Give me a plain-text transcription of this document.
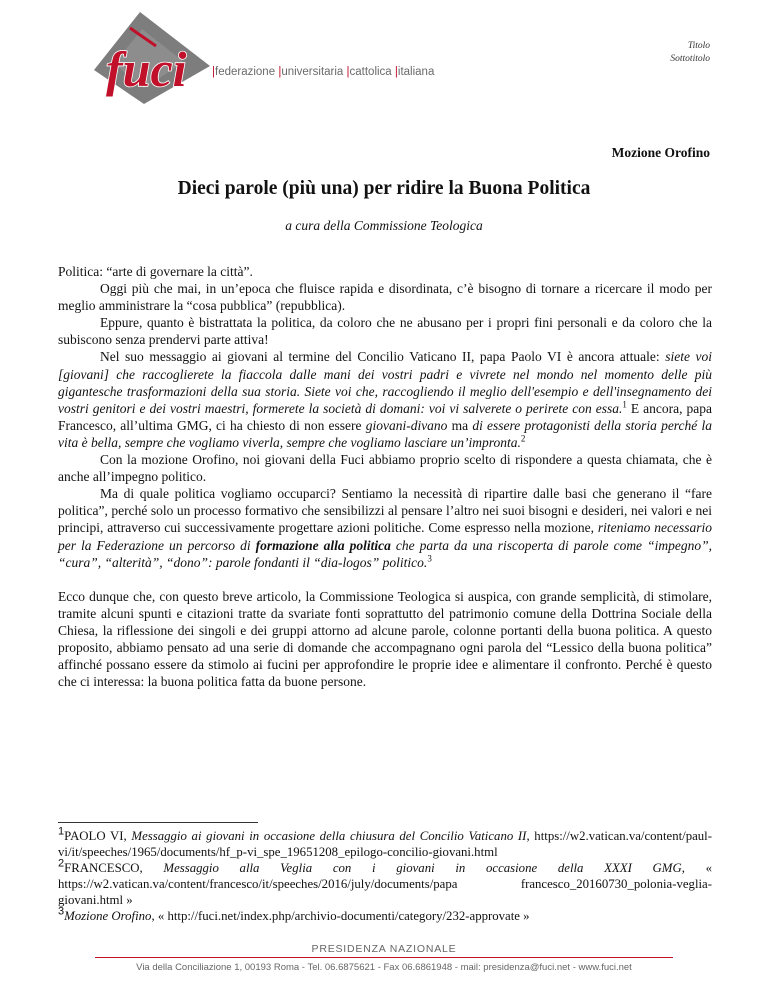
fuci |federazione |universitaria |cattolica |italiana
Titolo
Sottotitolo
Mozione Orofino
Dieci parole (più una) per ridire la Buona Politica
a cura della Commissione Teologica

Politica: “arte di governare la città”.

Oggi più che mai, in un’epoca che fluisce rapida e disordinata, c’è bisogno di tornare a ricercare il modo per meglio amministrare la “cosa pubblica” (repubblica).

Eppure, quanto è bistrattata la politica, da coloro che ne abusano per i propri fini personali e da coloro che la subiscono senza prendervi parte attiva!

Nel suo messaggio ai giovani al termine del Concilio Vaticano II, papa Paolo VI è ancora attuale: siete voi [giovani] che raccoglierete la fiaccola dalle mani dei vostri padri e vivrete nel mondo nel momento delle più gigantesche trasformazioni della sua storia. Siete voi che, raccogliendo il meglio dell'esempio e dell'insegnamento dei vostri genitori e dei vostri maestri, formerete la società di domani: voi vi salverete o perirete con essa.$^1$ E ancora, papa Francesco, all’ultima GMG, ci ha chiesto di non essere giovani-divano ma di essere protagonisti della storia perché la vita è bella, sempre che vogliamo viverla, sempre che vogliamo lasciare un’impronta.$^2$

Con la mozione Orofino, noi giovani della Fuci abbiamo proprio scelto di rispondere a questa chiamata, che è anche all’impegno politico.

Ma di quale politica vogliamo occuparci? Sentiamo la necessità di ripartire dalle basi che generano il “fare politica”, perché solo un processo formativo che sensibilizzi al pensare l’altro nei suoi bisogni e desideri, nei valori e nei principi, attraverso cui successivamente progettare azioni politiche. Come espresso nella mozione, riteniamo necessario per la Federazione un percorso di formazione alla politica che parta da una riscoperta di parole come “impegno”, “cura”, “alterità”, “dono”: parole fondanti il “dia-logos” politico.$^3$

Ecco dunque che, con questo breve articolo, la Commissione Teologica si auspica, con grande semplicità, di stimolare, tramite alcuni spunti e citazioni tratte da svariate fonti soprattutto del patrimonio comune della Dottrina Sociale della Chiesa, la riflessione dei singoli e dei gruppi attorno ad alcune parole, colonne portanti della buona politica. A questo proposito, abbiamo pensato ad una serie di domande che accompagnano ogni parola del “Lessico della buona politica” affinché possano essere da stimolo ai fucini per approfondire le proprie idee e alimentare il confronto. Perché è questo che ci interessa: la buona politica fatta da buone persone.

1PAOLO VI, Messaggio ai giovani in occasione della chiusura del Concilio Vaticano II, https://w2.vatican.va/content/paul-vi/it/speeches/1965/documents/hf_p-vi_spe_19651208_epilogo-concilio-giovani.html

2FRANCESCO, Messaggio alla Veglia con i giovani in occasione della XXXI GMG, « https://w2.vatican.va/content/francesco/it/speeches/2016/july/documents/papa francesco_20160730_polonia-veglia-giovani.html »

3Mozione Orofino, « http://fuci.net/index.php/archivio-documenti/category/232-approvate »

PRESIDENZA NAZIONALE
Via della Conciliazione 1, 00193 Roma - Tel. 06.6875621 - Fax 06.6861948 - mail: presidenza@fuci.net - www.fuci.net
